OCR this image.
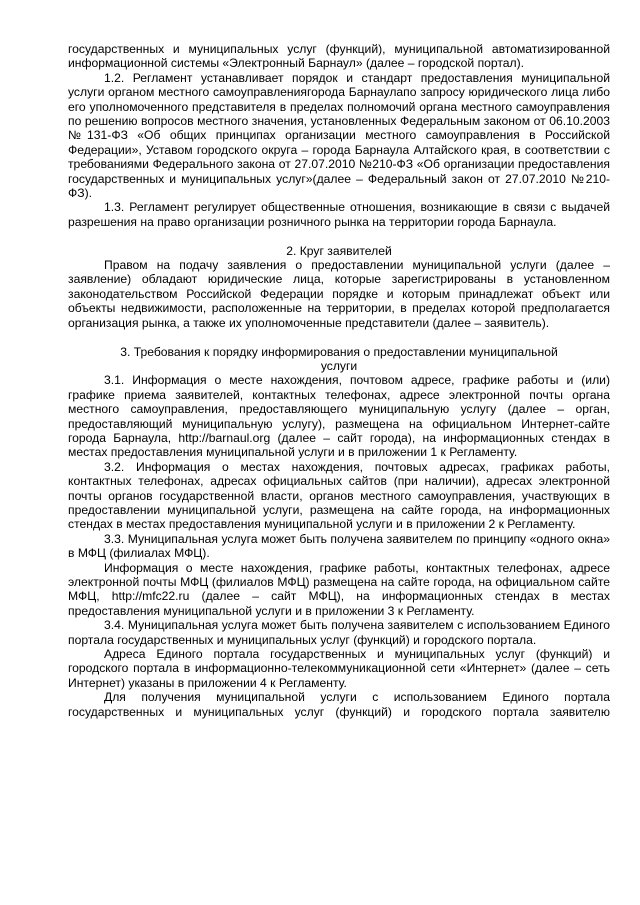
государственных и муниципальных услуг (функций), муниципальной автоматизированной информационной системы «Электронный Барнаул» (далее – городской портал).

1.2. Регламент устанавливает порядок и стандарт предоставления муниципальной услуги органом местного самоуправлениягорода Барнаулапо запросу юридического лица либо его уполномоченного представителя в пределах полномочий органа местного самоуправления по решению вопросов местного значения, установленных Федеральным законом от 06.10.2003 №131-ФЗ «Об общих принципах организации местного самоуправления в Российской Федерации», Уставом городского округа – города Барнаула Алтайского края, в соответствии с требованиями Федерального закона от 27.07.2010 №210-ФЗ «Об организации предоставления государственных и муниципальных услуг»(далее – Федеральный закон от 27.07.2010 №210-ФЗ).

1.3. Регламент регулирует общественные отношения, возникающие в связи с выдачей разрешения на право организации розничного рынка на территории города Барнаула.

2. Круг заявителей

Правом на подачу заявления о предоставлении муниципальной услуги (далее – заявление) обладают юридические лица, которые зарегистрированы в установленном законодательством Российской Федерации порядке и которым принадлежат объект или объекты недвижимости, расположенные на территории, в пределах которой предполагается организация рынка, а также их уполномоченные представители (далее – заявитель).

3. Требования к порядку информирования о предоставлении муниципальной

услуги

3.1. Информация о месте нахождения, почтовом адресе, графике работы и (или) графике приема заявителей, контактных телефонах, адресе электронной почты органа местного самоуправления, предоставляющего муниципальную услугу (далее – орган, предоставляющий муниципальную услугу), размещена на официальном Интернет-сайте города Барнаула, http://barnaul.org (далее – сайт города), на информационных стендах в местах предоставления муниципальной услуги и в приложении 1 к Регламенту.

3.2. Информация о местах нахождения, почтовых адресах, графиках работы, контактных телефонах, адресах официальных сайтов (при наличии), адресах электронной почты органов государственной власти, органов местного самоуправления, участвующих в предоставлении муниципальной услуги, размещена на сайте города, на информационных стендах в местах предоставления муниципальной услуги и в приложении 2 к Регламенту.

3.3. Муниципальная услуга может быть получена заявителем по принципу «одного окна» в МФЦ (филиалах МФЦ).

Информация о месте нахождения, графике работы, контактных телефонах, адресе электронной почты МФЦ (филиалов МФЦ) размещена на сайте города, на официальном сайте МФЦ, http://mfc22.ru (далее – сайт МФЦ), на информационных стендах в местах предоставления муниципальной услуги и в приложении 3 к Регламенту.

3.4. Муниципальная услуга может быть получена заявителем с использованием Единого портала государственных и муниципальных услуг (функций) и городского портала.

Адреса Единого портала государственных и муниципальных услуг (функций) и городского портала в информационно-телекоммуникационной сети «Интернет» (далее – сеть Интернет) указаны в приложении 4 к Регламенту.

Для получения муниципальной услуги с использованием Единого портала государственных и муниципальных услуг (функций) и городского портала заявителю
